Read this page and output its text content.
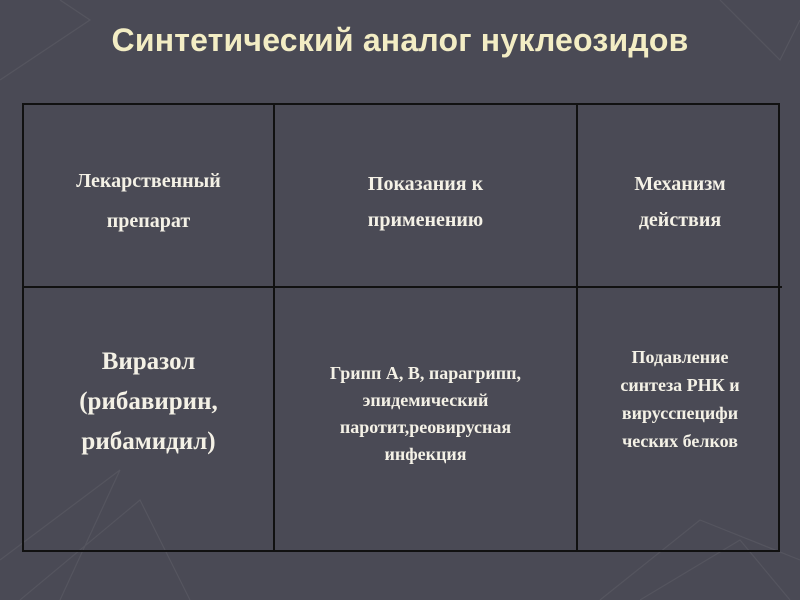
Синтетический аналог нуклеозидов
Лекарственный
препарат
Показания к
применению
Механизм
действия
Виразол
(рибавирин,
рибамидил)
Грипп А, В, парагрипп,
эпидемический
паротит,реовирусная
инфекция
Подавление
синтеза РНК и
вирусспецифи
ческих белков
